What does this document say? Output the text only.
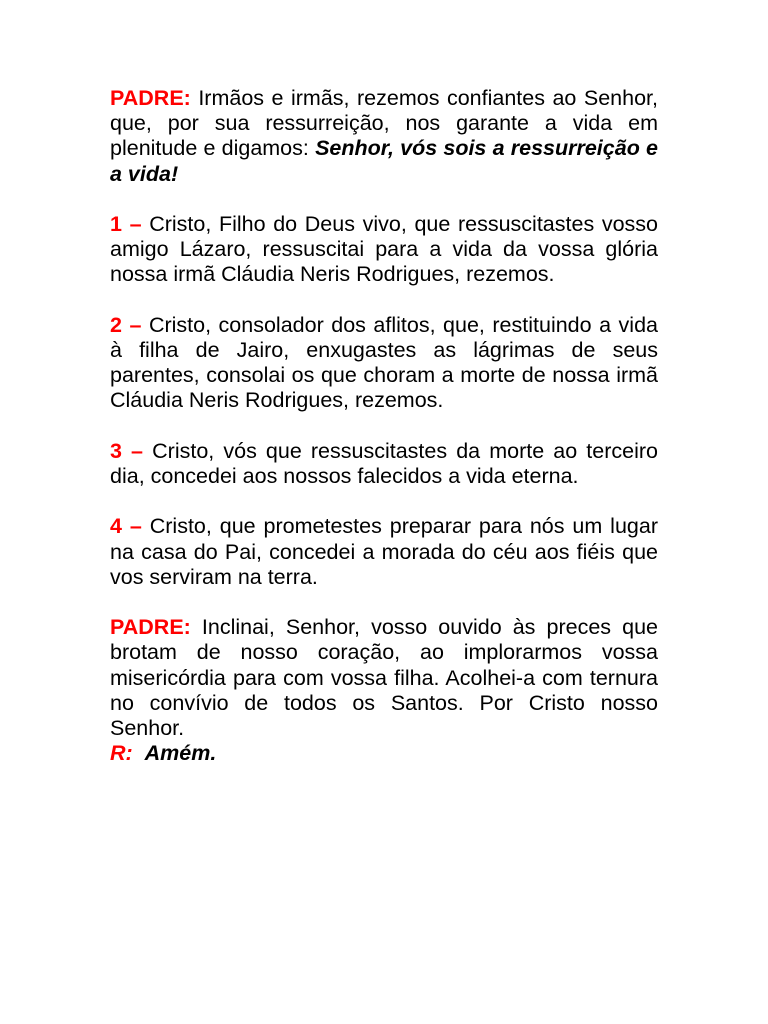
PADRE: Irmãos e irmãs, rezemos confiantes ao Senhor, que, por sua ressurreição, nos garante a vida em plenitude e digamos: Senhor, vós sois a ressurreição e a vida!

1 – Cristo, Filho do Deus vivo, que ressuscitastes vosso amigo Lázaro, ressuscitai para a vida da vossa glória nossa irmã Cláudia Neris Rodrigues, rezemos.

2 – Cristo, consolador dos aflitos, que, restituindo a vida à filha de Jairo, enxugastes as lágrimas de seus parentes, consolai os que choram a morte de nossa irmã Cláudia Neris Rodrigues, rezemos.

3 – Cristo, vós que ressuscitastes da morte ao terceiro dia, concedei aos nossos falecidos a vida eterna.

4 – Cristo, que prometestes preparar para nós um lugar na casa do Pai, concedei a morada do céu aos fiéis que vos serviram na terra.

PADRE: Inclinai, Senhor, vosso ouvido às preces que brotam de nosso coração, ao implorarmos vossa misericórdia para com vossa filha. Acolhei-a com ternura no convívio de todos os Santos. Por Cristo nosso Senhor.
R: Amém.
